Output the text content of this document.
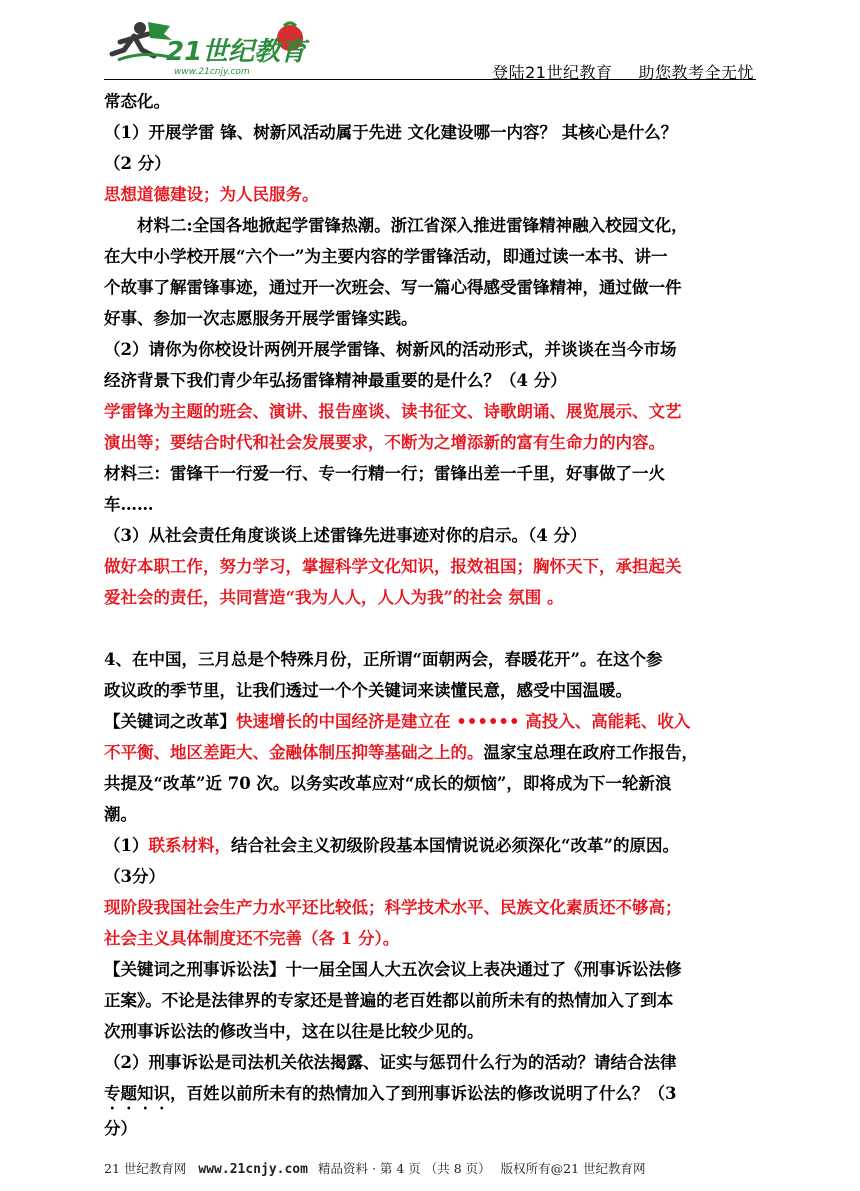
21世纪教育
www.21cnjy.com	登陆21世纪教育 助您教考全无忧

常态化。

（1）开展学雷 锋、树新风活动属于先进 文化建设哪一内容？ 其核心是什么？

（2 分）

思想道德建设；为人民服务。

材料二:全国各地掀起学雷锋热潮。浙江省深入推进雷锋精神融入校园文化，

在大中小学校开展“六个一”为主要内容的学雷锋活动，即通过读一本书、讲一

个故事了解雷锋事迹，通过开一次班会、写一篇心得感受雷锋精神，通过做一件

好事、参加一次志愿服务开展学雷锋实践。

（2）请你为你校设计两例开展学雷锋、树新风的活动形式，并谈谈在当今市场

经济背景下我们青少年弘扬雷锋精神最重要的是什么？（4 分）

学雷锋为主题的班会、演讲、报告座谈、读书征文、诗歌朗诵、展览展示、文艺

演出等；要结合时代和社会发展要求，不断为之增添新的富有生命力的内容。

材料三：雷锋干一行爱一行、专一行精一行；雷锋出差一千里，好事做了一火

车……

（3）从社会责任角度谈谈上述雷锋先进事迹对你的启示。（4 分）

做好本职工作，努力学习，掌握科学文化知识，报效祖国；胸怀天下，承担起关

爱社会的责任，共同营造“我为人人，人人为我”的社会 氛围 。

4、在中国，三月总是个特殊月份，正所谓“面朝两会，春暖花开”。在这个参

政议政的季节里，让我们透过一个个关键词来读懂民意，感受中国温暖。

【关键词之改革】快速增长的中国经济是建立在 •••••• 高投入、高能耗、收入

不平衡、地区差距大、金融体制压抑等基础之上的。温家宝总理在政府工作报告，

共提及“改革”近 70 次。以务实改革应对“成长的烦恼”，即将成为下一轮新浪

潮。

（1）联系材料，结合社会主义初级阶段基本国情说说必须深化“改革”的原因。

（3分）

现阶段我国社会生产力水平还比较低；科学技术水平、民族文化素质还不够高；

社会主义具体制度还不完善（各 1 分）。

【关键词之刑事诉讼法】十一届全国人大五次会议上表决通过了《刑事诉讼法修

正案》。不论是法律界的专家还是普遍的老百姓都以前所未有的热情加入了到本

次刑事诉讼法的修改当中，这在以往是比较少见的。

（2）刑事诉讼是司法机关依法揭露、证实与惩罚什么行为的活动？请结合法律

专题知识，百姓以前所未有的热情加入了到刑事诉讼法的修改说明了什么？（3

分）

21 世纪教育网 www.21cnjy.com 精品资料 · 第 4 页 （共 8 页） 版权所有@21 世纪教育网
